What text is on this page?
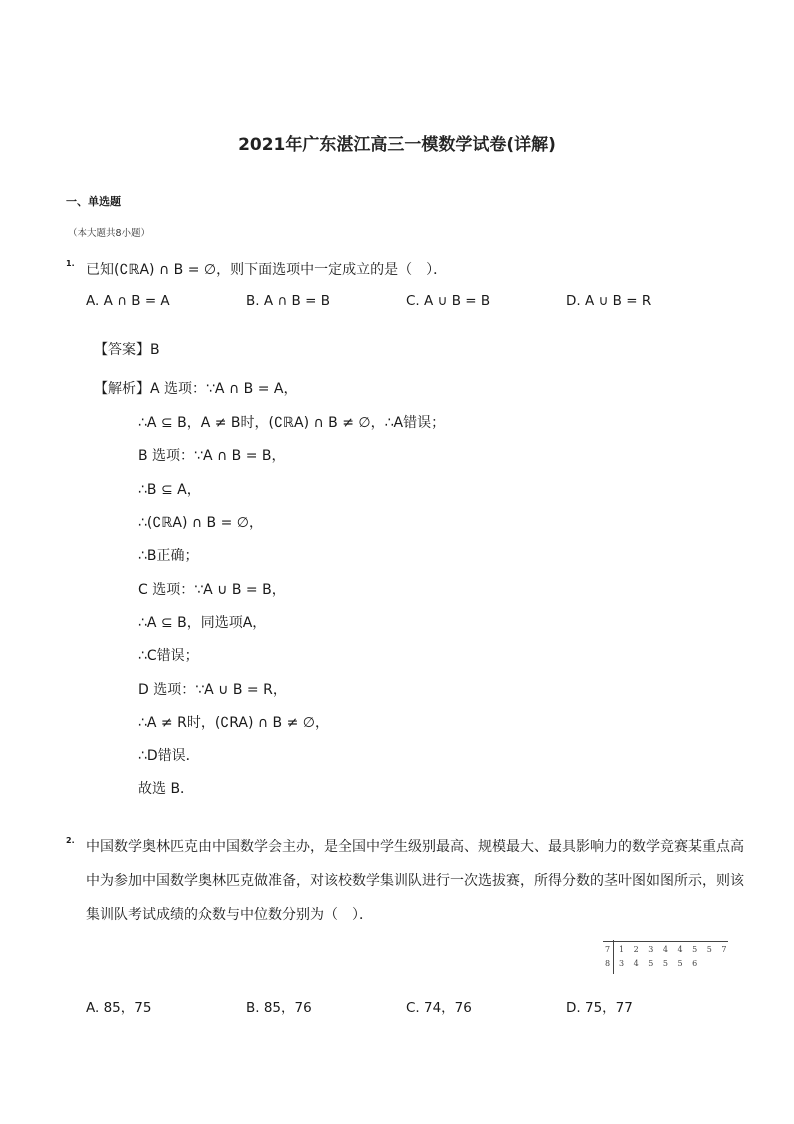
2021年广东湛江高三一模数学试卷(详解)
一、单选题
（本大题共8小题）
1. 已知(∁ℝA) ∩ B = ∅，则下面选项中一定成立的是（　）．
A. A ∩ B = A	B. A ∩ B = B	C. A ∪ B = B	D. A ∪ B = R
【答案】B
【解析】A 选项：∵A ∩ B = A，
∴A ⊆ B，A ≠ B时，(∁ℝA) ∩ B ≠ ∅，∴A错误；
B 选项：∵A ∩ B = B，
∴B ⊆ A，
∴(∁ℝA) ∩ B = ∅，
∴B正确；
C 选项：∵A ∪ B = B，
∴A ⊆ B，同选项A，
∴C错误；
D 选项：∵A ∪ B = R，
∴A ≠ R时，(∁RA) ∩ B ≠ ∅，
∴D错误．
故选 B．
2. 中国数学奥林匹克由中国数学会主办，是全国中学生级别最高、规模最大、最具影响力的数学竞赛某重点高中为参加中国数学奥林匹克做准备，对该校数学集训队进行一次选拔赛，所得分数的茎叶图如图所示，则该集训队考试成绩的众数与中位数分别为（　）．
7 1 2 3 4 4 5 5 7
8 3 4 5 5 5 6
A. 85，75	B. 85，76	C. 74，76	D. 75，77
